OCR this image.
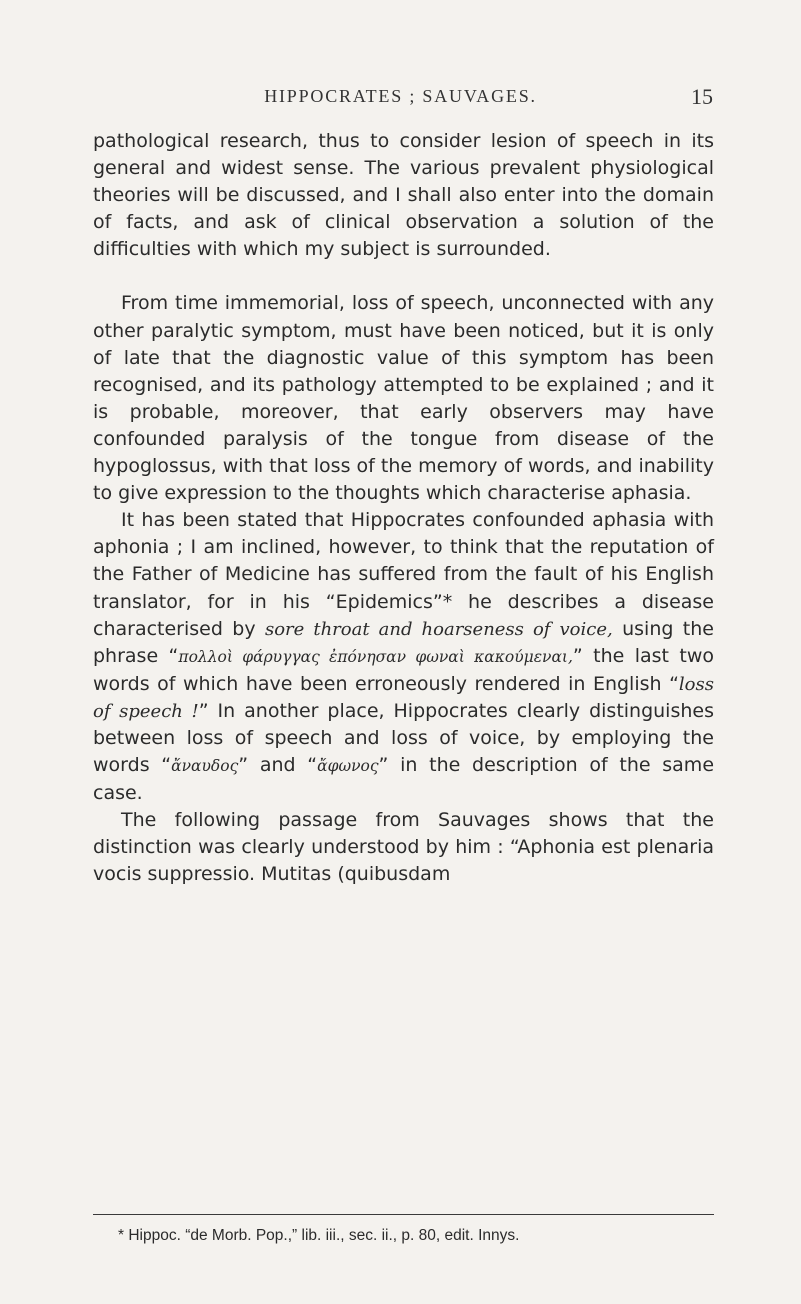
HIPPOCRATES ; SAUVAGES.	15

pathological research, thus to consider lesion of speech in its general and widest sense. The various prevalent physiological theories will be discussed, and I shall also enter into the domain of facts, and ask of clinical observation a solution of the difficulties with which my subject is surrounded.

From time immemorial, loss of speech, unconnected with any other paralytic symptom, must have been noticed, but it is only of late that the diagnostic value of this symptom has been recognised, and its pathology attempted to be explained ; and it is probable, moreover, that early observers may have confounded paralysis of the tongue from disease of the hypoglossus, with that loss of the memory of words, and inability to give expression to the thoughts which characterise aphasia.

It has been stated that Hippocrates confounded aphasia with aphonia ; I am inclined, however, to think that the reputation of the Father of Medicine has suffered from the fault of his English translator, for in his “Epidemics”* he describes a disease characterised by sore throat and hoarseness of voice, using the phrase “πολλοὶ φάρυγγας ἐπόνησαν φωναὶ κακούμεναι,” the last two words of which have been erroneously rendered in English “loss of speech !” In another place, Hippocrates clearly distinguishes between loss of speech and loss of voice, by employing the words “ἄναυδος” and “ἄφωνος” in the description of the same case.

The following passage from Sauvages shows that the distinction was clearly understood by him : “Aphonia est plenaria vocis suppressio. Mutitas (quibusdam

* Hippoc. “de Morb. Pop.,” lib. iii., sec. ii., p. 80, edit. Innys.
